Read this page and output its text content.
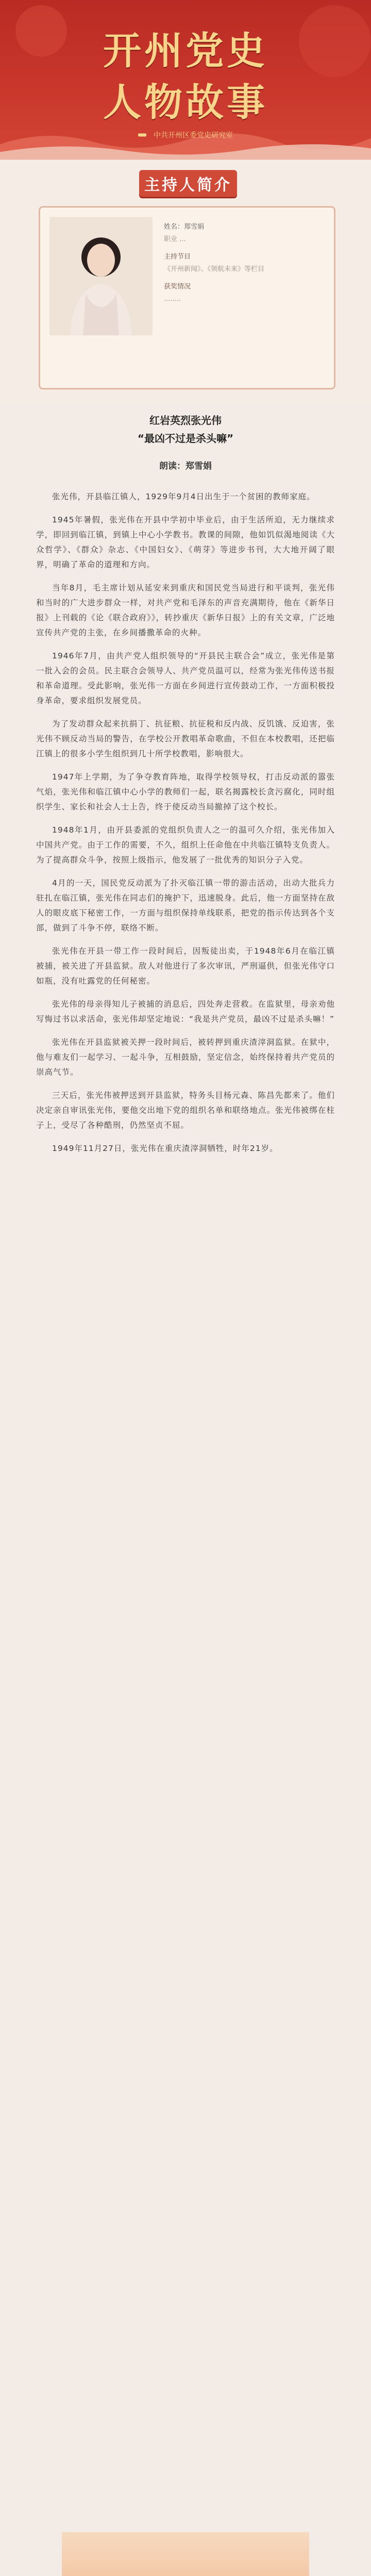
开州党史
人物故事
中共开州区委党史研究室
主持人简介
姓名：郑雪娟
职业 ...
主持节目
《开州新闻》、《领航未来》等栏目
获奖情况
........
红岩英烈张光伟
“最凶不过是杀头嘛”
朗读：郑雪娟

张光伟，开县临江镇人，1929年9月4日出生于一个贫困的教师家庭。

1945年暑假，张光伟在开县中学初中毕业后，由于生活所迫，无力继续求学，即回到临江镇，到镇上中心小学教书。教课的间隙，他如饥似渴地阅读《大众哲学》、《群众》杂志、《中国妇女》、《萌芽》等进步书刊，大大地开阔了眼界，明确了革命的道理和方向。

当年8月，毛主席计划从延安来到重庆和国民党当局进行和平谈判，张光伟和当时的广大进步群众一样，对共产党和毛泽东的声音充满期待，他在《新华日报》上刊载的《论《联合政府》》，转抄重庆《新华日报》上的有关文章，广泛地宣传共产党的主张，在乡间播撒革命的火种。

1946年7月，由共产党人组织领导的“开县民主联合会”成立，张光伟是第一批入会的会员。民主联合会领导人、共产党员温可以，经常为张光伟传送书报和革命道理。受此影响，张光伟一方面在乡间进行宣传鼓动工作，一方面积极投身革命，要求组织发展党员。

为了发动群众起来抗捐丁、抗征粮、抗征税和反内战、反饥饿、反迫害，张光伟不顾反动当局的警告，在学校公开教唱革命歌曲，不但在本校教唱，还把临江镇上的很多小学生组织到几十所学校教唱，影响很大。

1947年上学期，为了争夺教育阵地，取得学校领导权，打击反动派的嚣张气焰，张光伟和临江镇中心小学的教师们一起，联名揭露校长贪污腐化，同时组织学生、家长和社会人士上告，终于使反动当局撤掉了这个校长。

1948年1月，由开县委派的党组织负责人之一的温可久介绍，张光伟加入中国共产党。由于工作的需要，不久，组织上任命他在中共临江镇特支负责人。为了提高群众斗争，按照上级指示，他发展了一批优秀的知识分子入党。

4月的一天，国民党反动派为了扑灭临江镇一带的游击活动，出动大批兵力驻扎在临江镇，张光伟在同志们的掩护下，迅速脱身。此后，他一方面坚持在敌人的眼皮底下秘密工作，一方面与组织保持单线联系，把党的指示传达到各个支部，做到了斗争不停，联络不断。

张光伟在开县一带工作一段时间后，因叛徒出卖，于1948年6月在临江镇被捕，被关进了开县监狱。敌人对他进行了多次审讯，严刑逼供，但张光伟守口如瓶，没有吐露党的任何秘密。

张光伟的母亲得知儿子被捕的消息后，四处奔走营救。在监狱里，母亲劝他写悔过书以求活命，张光伟却坚定地说：“我是共产党员，最凶不过是杀头嘛！”

张光伟在开县监狱被关押一段时间后，被转押到重庆渣滓洞监狱。在狱中，他与难友们一起学习、一起斗争，互相鼓励，坚定信念，始终保持着共产党员的崇高气节。

三天后，张光伟被押送到开县监狱，特务头目杨元森、陈昌先都来了。他们决定亲自审讯张光伟，要他交出地下党的组织名单和联络地点。张光伟被绑在柱子上，受尽了各种酷刑，仍然坚贞不屈。

1949年11月27日，张光伟在重庆渣滓洞牺牲，时年21岁。
